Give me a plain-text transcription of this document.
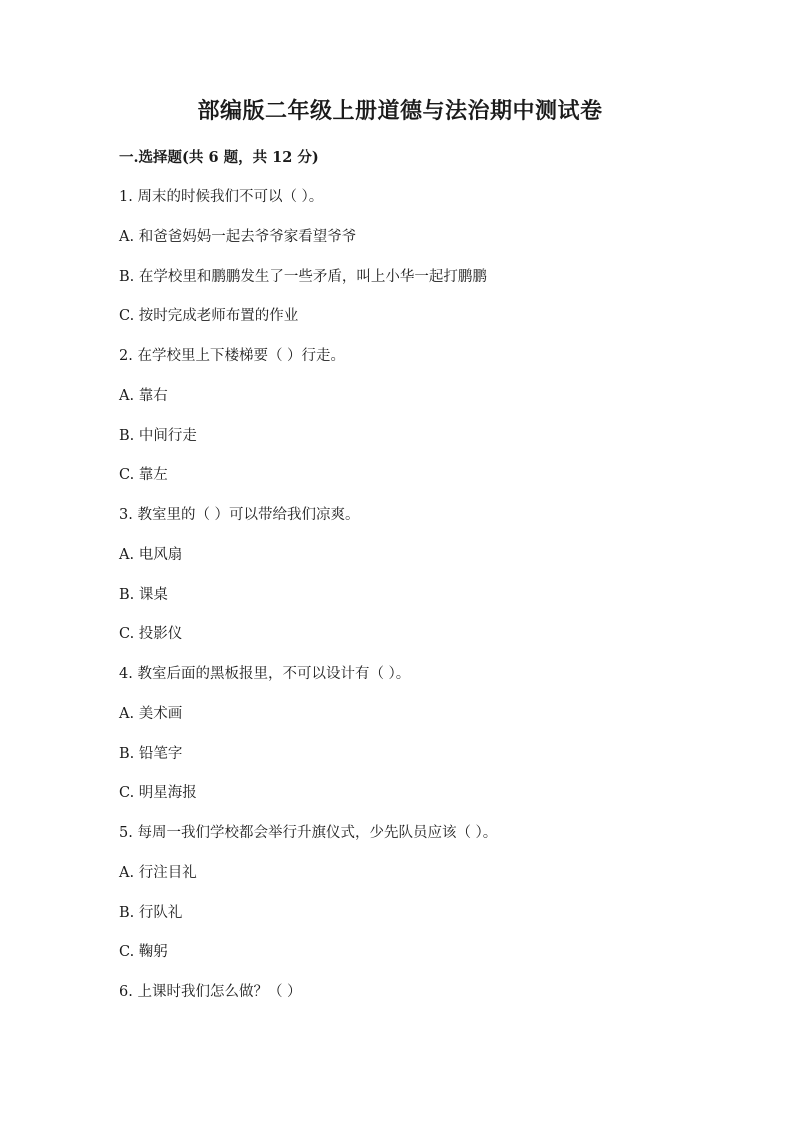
部编版二年级上册道德与法治期中测试卷
一.选择题(共 6 题，共 12 分)
1. 周末的时候我们不可以（ ）。
A. 和爸爸妈妈一起去爷爷家看望爷爷
B. 在学校里和鹏鹏发生了一些矛盾，叫上小华一起打鹏鹏
C. 按时完成老师布置的作业
2. 在学校里上下楼梯要（ ）行走。
A. 靠右
B. 中间行走
C. 靠左
3. 教室里的（ ）可以带给我们凉爽。
A. 电风扇
B. 课桌
C. 投影仪
4. 教室后面的黑板报里，不可以设计有（ ）。
A. 美术画
B. 铅笔字
C. 明星海报
5. 每周一我们学校都会举行升旗仪式，少先队员应该（ ）。
A. 行注目礼
B. 行队礼
C. 鞠躬
6. 上课时我们怎么做？（ ）
